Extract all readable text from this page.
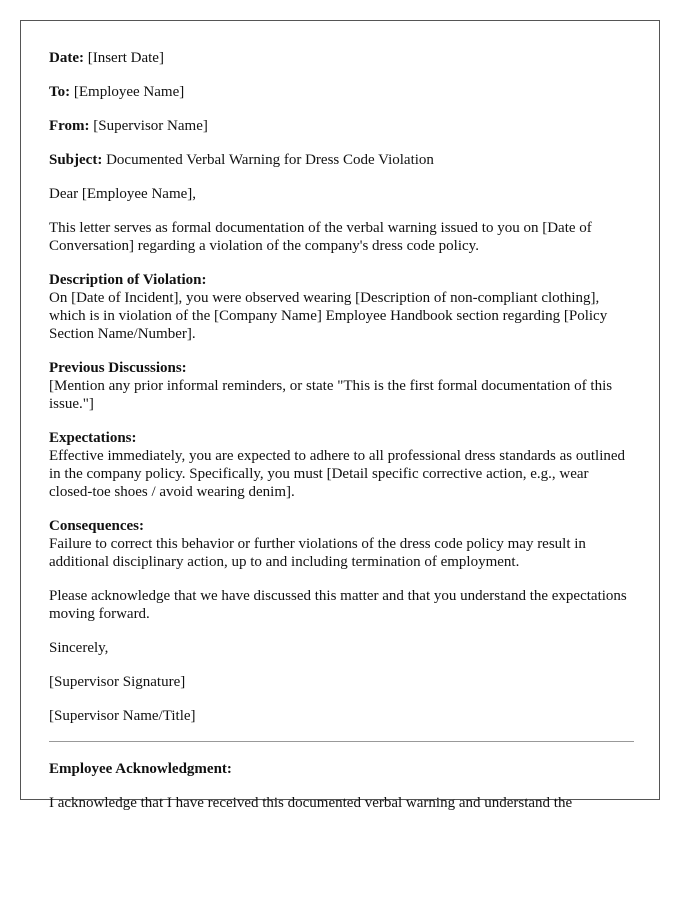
Date: [Insert Date]

To: [Employee Name]

From: [Supervisor Name]

Subject: Documented Verbal Warning for Dress Code Violation

Dear [Employee Name],

This letter serves as formal documentation of the verbal warning issued to you on [Date of Conversation] regarding a violation of the company's dress code policy.

Description of Violation:
On [Date of Incident], you were observed wearing [Description of non-compliant clothing], which is in violation of the [Company Name] Employee Handbook section regarding [Policy Section Name/Number].

Previous Discussions:
[Mention any prior informal reminders, or state "This is the first formal documentation of this issue."]

Expectations:
Effective immediately, you are expected to adhere to all professional dress standards as outlined in the company policy. Specifically, you must [Detail specific corrective action, e.g., wear closed-toe shoes / avoid wearing denim].

Consequences:
Failure to correct this behavior or further violations of the dress code policy may result in additional disciplinary action, up to and including termination of employment.

Please acknowledge that we have discussed this matter and that you understand the expectations moving forward.

Sincerely,

[Supervisor Signature]

[Supervisor Name/Title]

Employee Acknowledgment:

I acknowledge that I have received this documented verbal warning and understand the
